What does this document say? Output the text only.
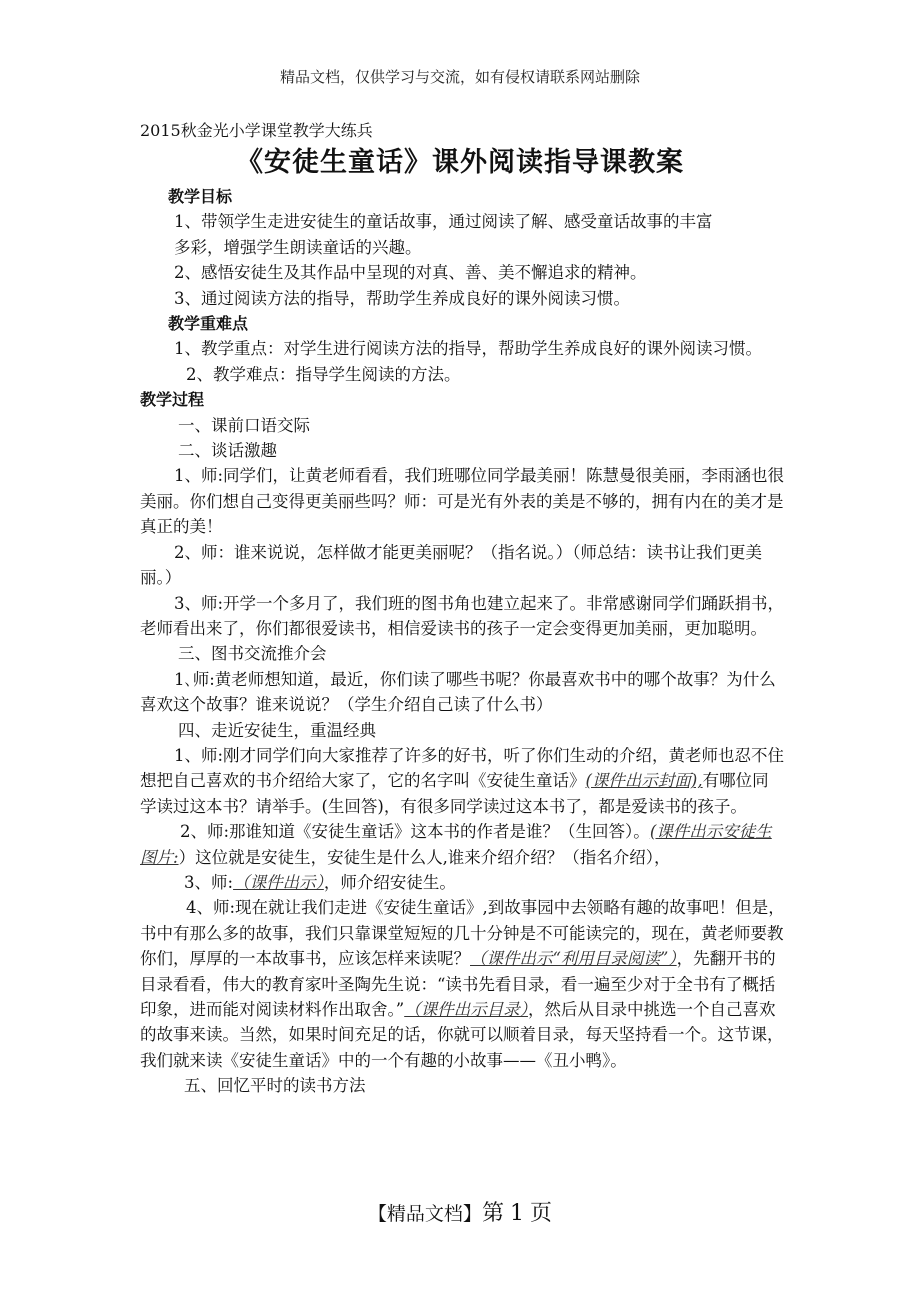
精品文档，仅供学习与交流，如有侵权请联系网站删除
2015秋金光小学课堂教学大练兵
《安徒生童话》课外阅读指导课教案

教学目标

1、带领学生走进安徒生的童话故事，通过阅读了解、感受童话故事的丰富

多彩，增强学生朗读童话的兴趣。

2、感悟安徒生及其作品中呈现的对真、善、美不懈追求的精神。

3、通过阅读方法的指导，帮助学生养成良好的课外阅读习惯。

教学重难点

1、教学重点：对学生进行阅读方法的指导，帮助学生养成良好的课外阅读习惯。

2、教学难点：指导学生阅读的方法。

教学过程

一、课前口语交际

二、谈话激趣

1、师:同学们，让黄老师看看，我们班哪位同学最美丽！陈慧曼很美丽，李雨涵也很美丽。你们想自己变得更美丽些吗？师：可是光有外表的美是不够的，拥有内在的美才是真正的美！

2、师：谁来说说，怎样做才能更美丽呢？（指名说。）（师总结：读书让我们更美丽。）

3、师:开学一个多月了，我们班的图书角也建立起来了。非常感谢同学们踊跃捐书，老师看出来了，你们都很爱读书，相信爱读书的孩子一定会变得更加美丽，更加聪明。

三、图书交流推介会

1､师:黄老师想知道，最近，你们读了哪些书呢？你最喜欢书中的哪个故事？为什么喜欢这个故事？谁来说说？（学生介绍自己读了什么书）

四、走近安徒生，重温经典

1、师:刚才同学们向大家推荐了许多的好书，听了你们生动的介绍，黄老师也忍不住想把自己喜欢的书介绍给大家了，它的名字叫《安徒生童话》(课件出示封面),有哪位同学读过这本书？请举手。(生回答)，有很多同学读过这本书了，都是爱读书的孩子。

2、师:那谁知道《安徒生童话》这本书的作者是谁？（生回答）。(课件出示安徒生图片:）这位就是安徒生，安徒生是什么人,谁来介绍介绍？（指名介绍），

3、师:（课件出示），师介绍安徒生。

4、师:现在就让我们走进《安徒生童话》,到故事园中去领略有趣的故事吧！但是，书中有那么多的故事，我们只靠课堂短短的几十分钟是不可能读完的，现在，黄老师要教你们，厚厚的一本故事书，应该怎样来读呢？（课件出示“利用目录阅读”），先翻开书的目录看看，伟大的教育家叶圣陶先生说：“读书先看目录，看一遍至少对于全书有了概括印象，进而能对阅读材料作出取舍。”（课件出示目录），然后从目录中挑选一个自己喜欢的故事来读。当然，如果时间充足的话，你就可以顺着目录，每天坚持看一个。这节课，我们就来读《安徒生童话》中的一个有趣的小故事——《丑小鸭》。

五、回忆平时的读书方法

【精品文档】第 1 页
